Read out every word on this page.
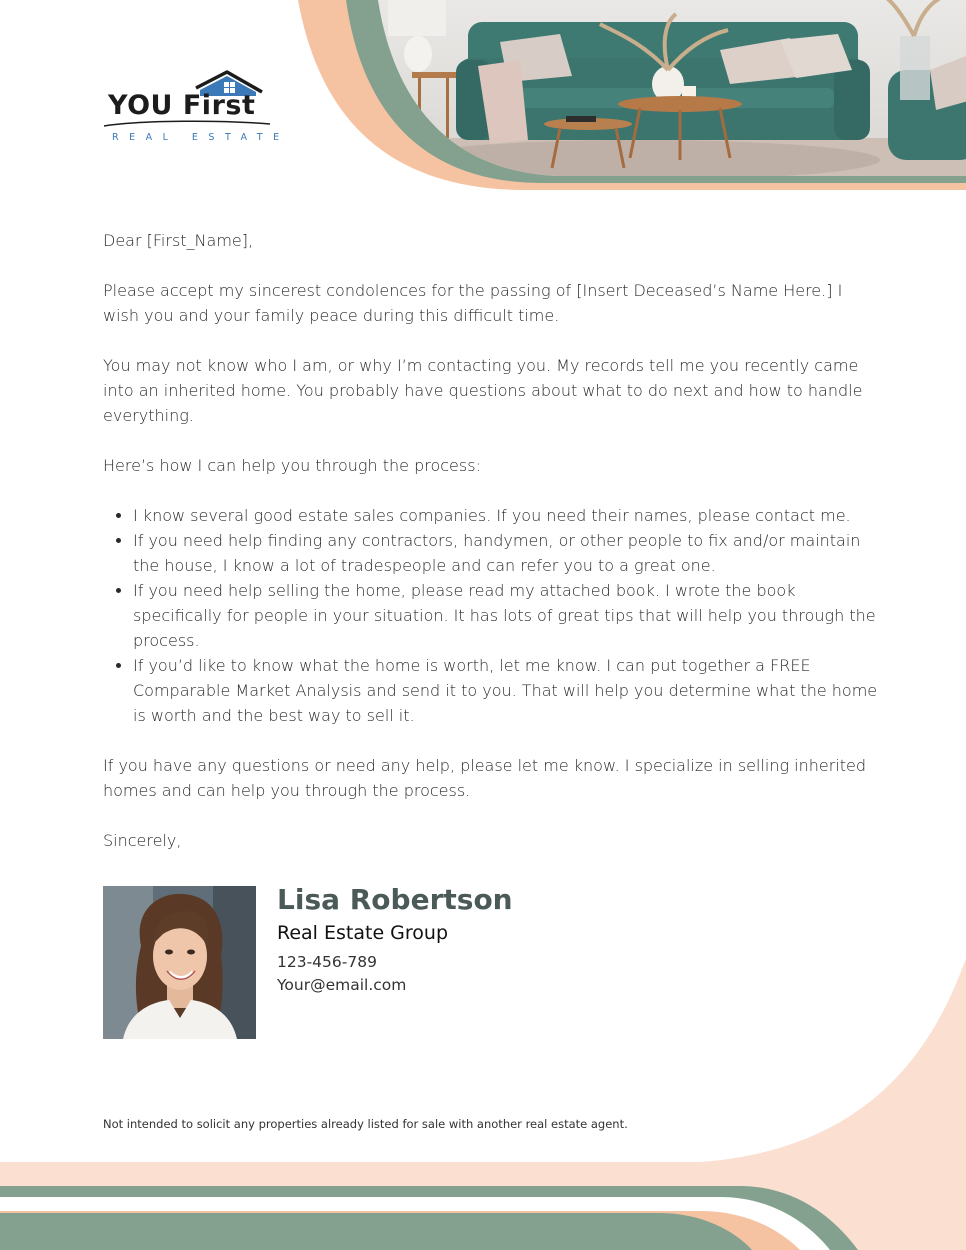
YOU First
REAL ESTATE

Dear [First_Name],

Please accept my sincerest condolences for the passing of [Insert Deceased’s Name Here.] I wish you and your family peace during this difficult time.

You may not know who I am, or why I’m contacting you. My records tell me you recently came into an inherited home. You probably have questions about what to do next and how to handle everything.

Here’s how I can help you through the process:

• I know several good estate sales companies. If you need their names, please contact me.
• If you need help finding any contractors, handymen, or other people to fix and/or maintain the house, I know a lot of tradespeople and can refer you to a great one.
• If you need help selling the home, please read my attached book. I wrote the book specifically for people in your situation. It has lots of great tips that will help you through the process.
• If you’d like to know what the home is worth, let me know. I can put together a FREE Comparable Market Analysis and send it to you. That will help you determine what the home is worth and the best way to sell it.

If you have any questions or need any help, please let me know. I specialize in selling inherited homes and can help you through the process.

Sincerely,

Lisa Robertson
Real Estate Group
123-456-789
Your@email.com
Not intended to solicit any properties already listed for sale with another real estate agent.
